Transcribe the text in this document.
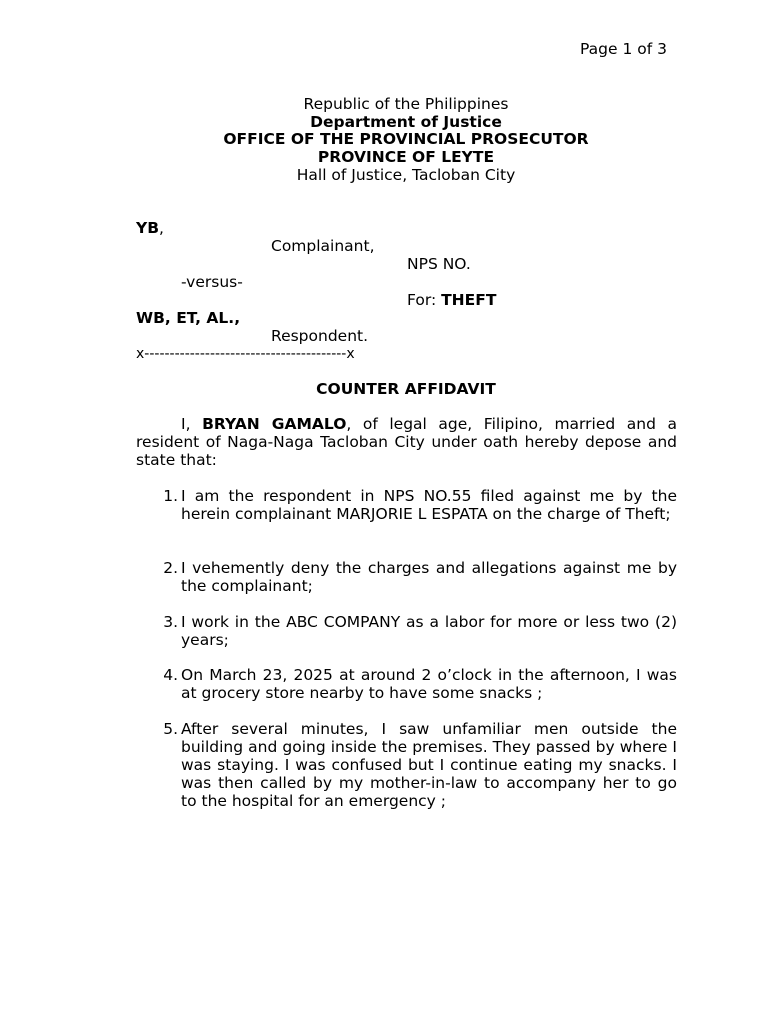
Page 1 of 3
Republic of the Philippines
Department of Justice
OFFICE OF THE PROVINCIAL PROSECUTOR
PROVINCE OF LEYTE
Hall of Justice, Tacloban City
YB,
Complainant,
NPS NO.
-versus-
For: THEFT
WB, ET, AL.,
Respondent.
x----------------------------------------x
COUNTER AFFIDAVIT
I, BRYAN GAMALO, of legal age, Filipino, married and a resident of Naga-Naga Tacloban City under oath hereby depose and state that:
1. I am the respondent in NPS NO.55 filed against me by the herein complainant MARJORIE L ESPATA on the charge of Theft;
2. I vehemently deny the charges and allegations against me by the complainant;
3. I work in the ABC COMPANY as a labor for more or less two (2) years;
4. On March 23, 2025 at around 2 o’clock in the afternoon, I was at grocery store nearby to have some snacks ;
5. After several minutes, I saw unfamiliar men outside the building and going inside the premises. They passed by where I was staying. I was confused but I continue eating my snacks. I was then called by my mother-in-law to accompany her to go to the hospital for an emergency ;
